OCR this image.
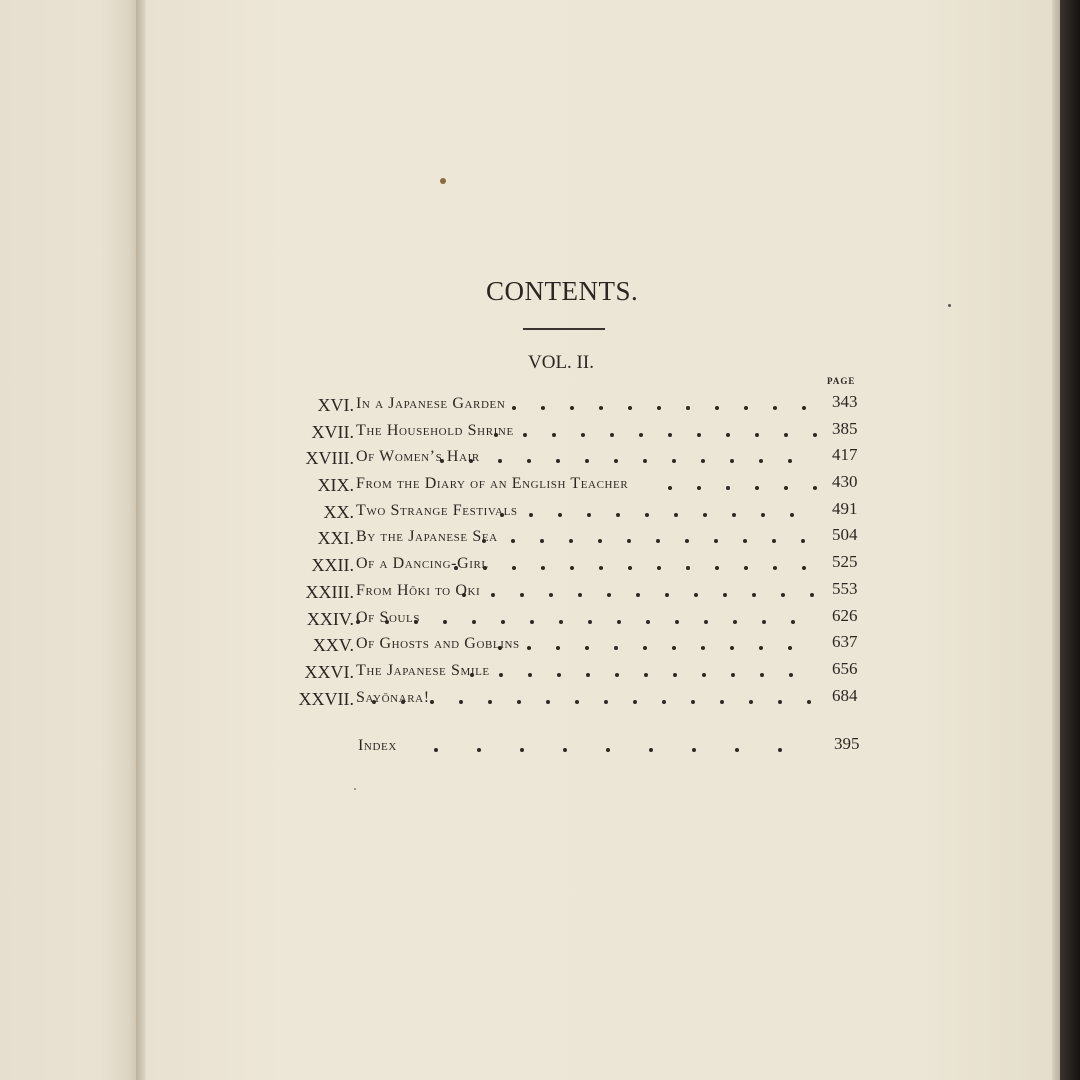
CONTENTS.
VOL. II.
PAGE
XVI. In a Japanese Garden	343
XVII. The Household Shrine	385
XVIII. Of Women’s Hair	417
XIX. From the Diary of an English Teacher	430
XX. Two Strange Festivals	491
XXI. By the Japanese Sea	504
XXII. Of a Dancing-Girl	525
XXIII. From Hōki to Oki	553
XXIV. Of Souls	626
XXV. Of Ghosts and Goblins	637
XXVI. The Japanese Smile	656
XXVII. Sayōnara!	684
Index	395
